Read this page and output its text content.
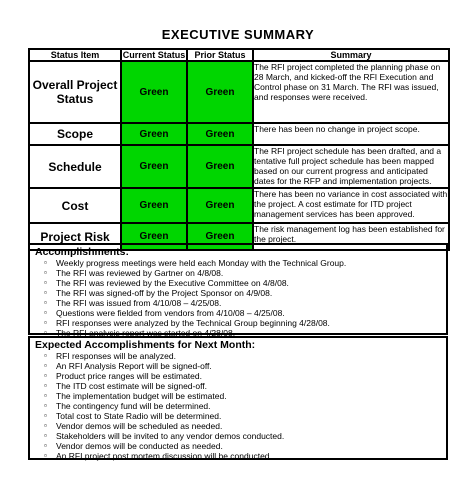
EXECUTIVE SUMMARY
Status Item	Current Status	Prior Status	Summary
Overall Project Status	Green	Green	The RFI project completed the planning phase on 28 March, and kicked-off the RFI Execution and Control phase on 31 March. The RFI was issued, and responses were received.
Scope	Green	Green	There has been no change in project scope.
Schedule	Green	Green	The RFI project schedule has been drafted, and a tentative full project schedule has been mapped based on our current progress and anticipated dates for the RFP and implementation projects.
Cost	Green	Green	There has been no variance in cost associated with the project. A cost estimate for ITD project management services has been approved.
Project Risk	Green	Green	The risk management log has been established for the project.
Accomplishments:
▫ Weekly progress meetings were held each Monday with the Technical Group.
▫ The RFI was reviewed by Gartner on 4/8/08.
▫ The RFI was reviewed by the Executive Committee on 4/8/08.
▫ The RFI was signed-off by the Project Sponsor on 4/9/08.
▫ The RFI was issued from 4/10/08 – 4/25/08.
▫ Questions were fielded from vendors from 4/10/08 – 4/25/08.
▫ RFI responses were analyzed by the Technical Group beginning 4/28/08.
▫ The RFI analysis report was started on 4/28/08.
Expected Accomplishments for Next Month:
▫ RFI responses will be analyzed.
▫ An RFI Analysis Report will be signed-off.
▫ Product price ranges will be estimated.
▫ The ITD cost estimate will be signed-off.
▫ The implementation budget will be estimated.
▫ The contingency fund will be determined.
▫ Total cost to State Radio will be determined.
▫ Vendor demos will be scheduled as needed.
▫ Stakeholders will be invited to any vendor demos conducted.
▫ Vendor demos will be conducted as needed.
▫ An RFI project post mortem discussion will be conducted.
